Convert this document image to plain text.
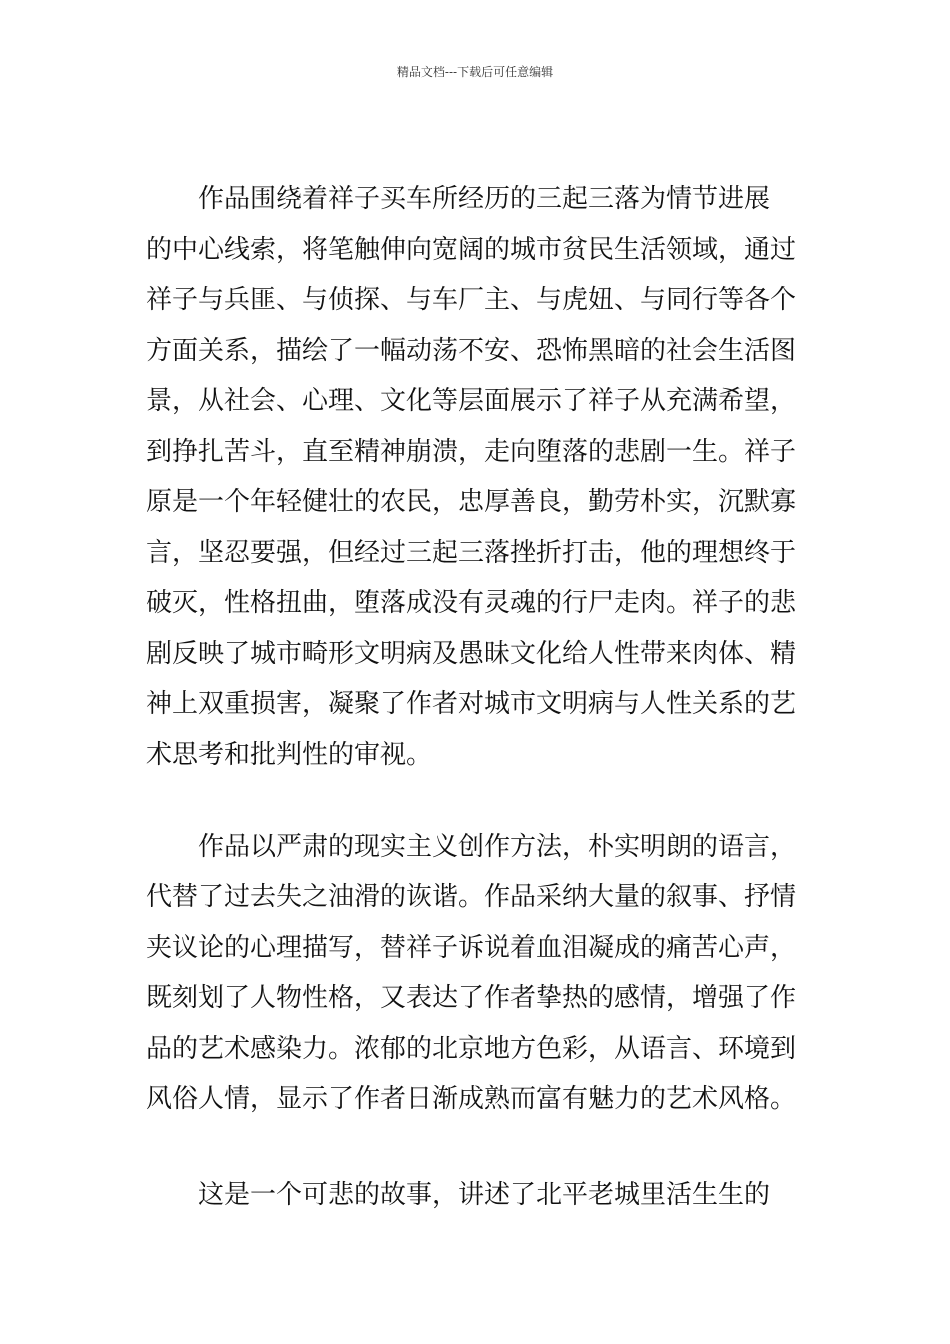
精品文档---下载后可任意编辑
　　作品围绕着祥子买车所经历的三起三落为情节进展
的中心线索，将笔触伸向宽阔的城市贫民生活领域，通过
祥子与兵匪、与侦探、与车厂主、与虎妞、与同行等各个
方面关系，描绘了一幅动荡不安、恐怖黑暗的社会生活图
景，从社会、心理、文化等层面展示了祥子从充满希望，
到挣扎苦斗，直至精神崩溃，走向堕落的悲剧一生。祥子
原是一个年轻健壮的农民，忠厚善良，勤劳朴实，沉默寡
言，坚忍要强，但经过三起三落挫折打击，他的理想终于
破灭，性格扭曲，堕落成没有灵魂的行尸走肉。祥子的悲
剧反映了城市畸形文明病及愚昧文化给人性带来肉体、精
神上双重损害，凝聚了作者对城市文明病与人性关系的艺
术思考和批判性的审视。
　　作品以严肃的现实主义创作方法，朴实明朗的语言，
代替了过去失之油滑的诙谐。作品采纳大量的叙事、抒情
夹议论的心理描写，替祥子诉说着血泪凝成的痛苦心声，
既刻划了人物性格，又表达了作者挚热的感情，增强了作
品的艺术感染力。浓郁的北京地方色彩，从语言、环境到
风俗人情，显示了作者日渐成熟而富有魅力的艺术风格。
　　这是一个可悲的故事，讲述了北平老城里活生生的
